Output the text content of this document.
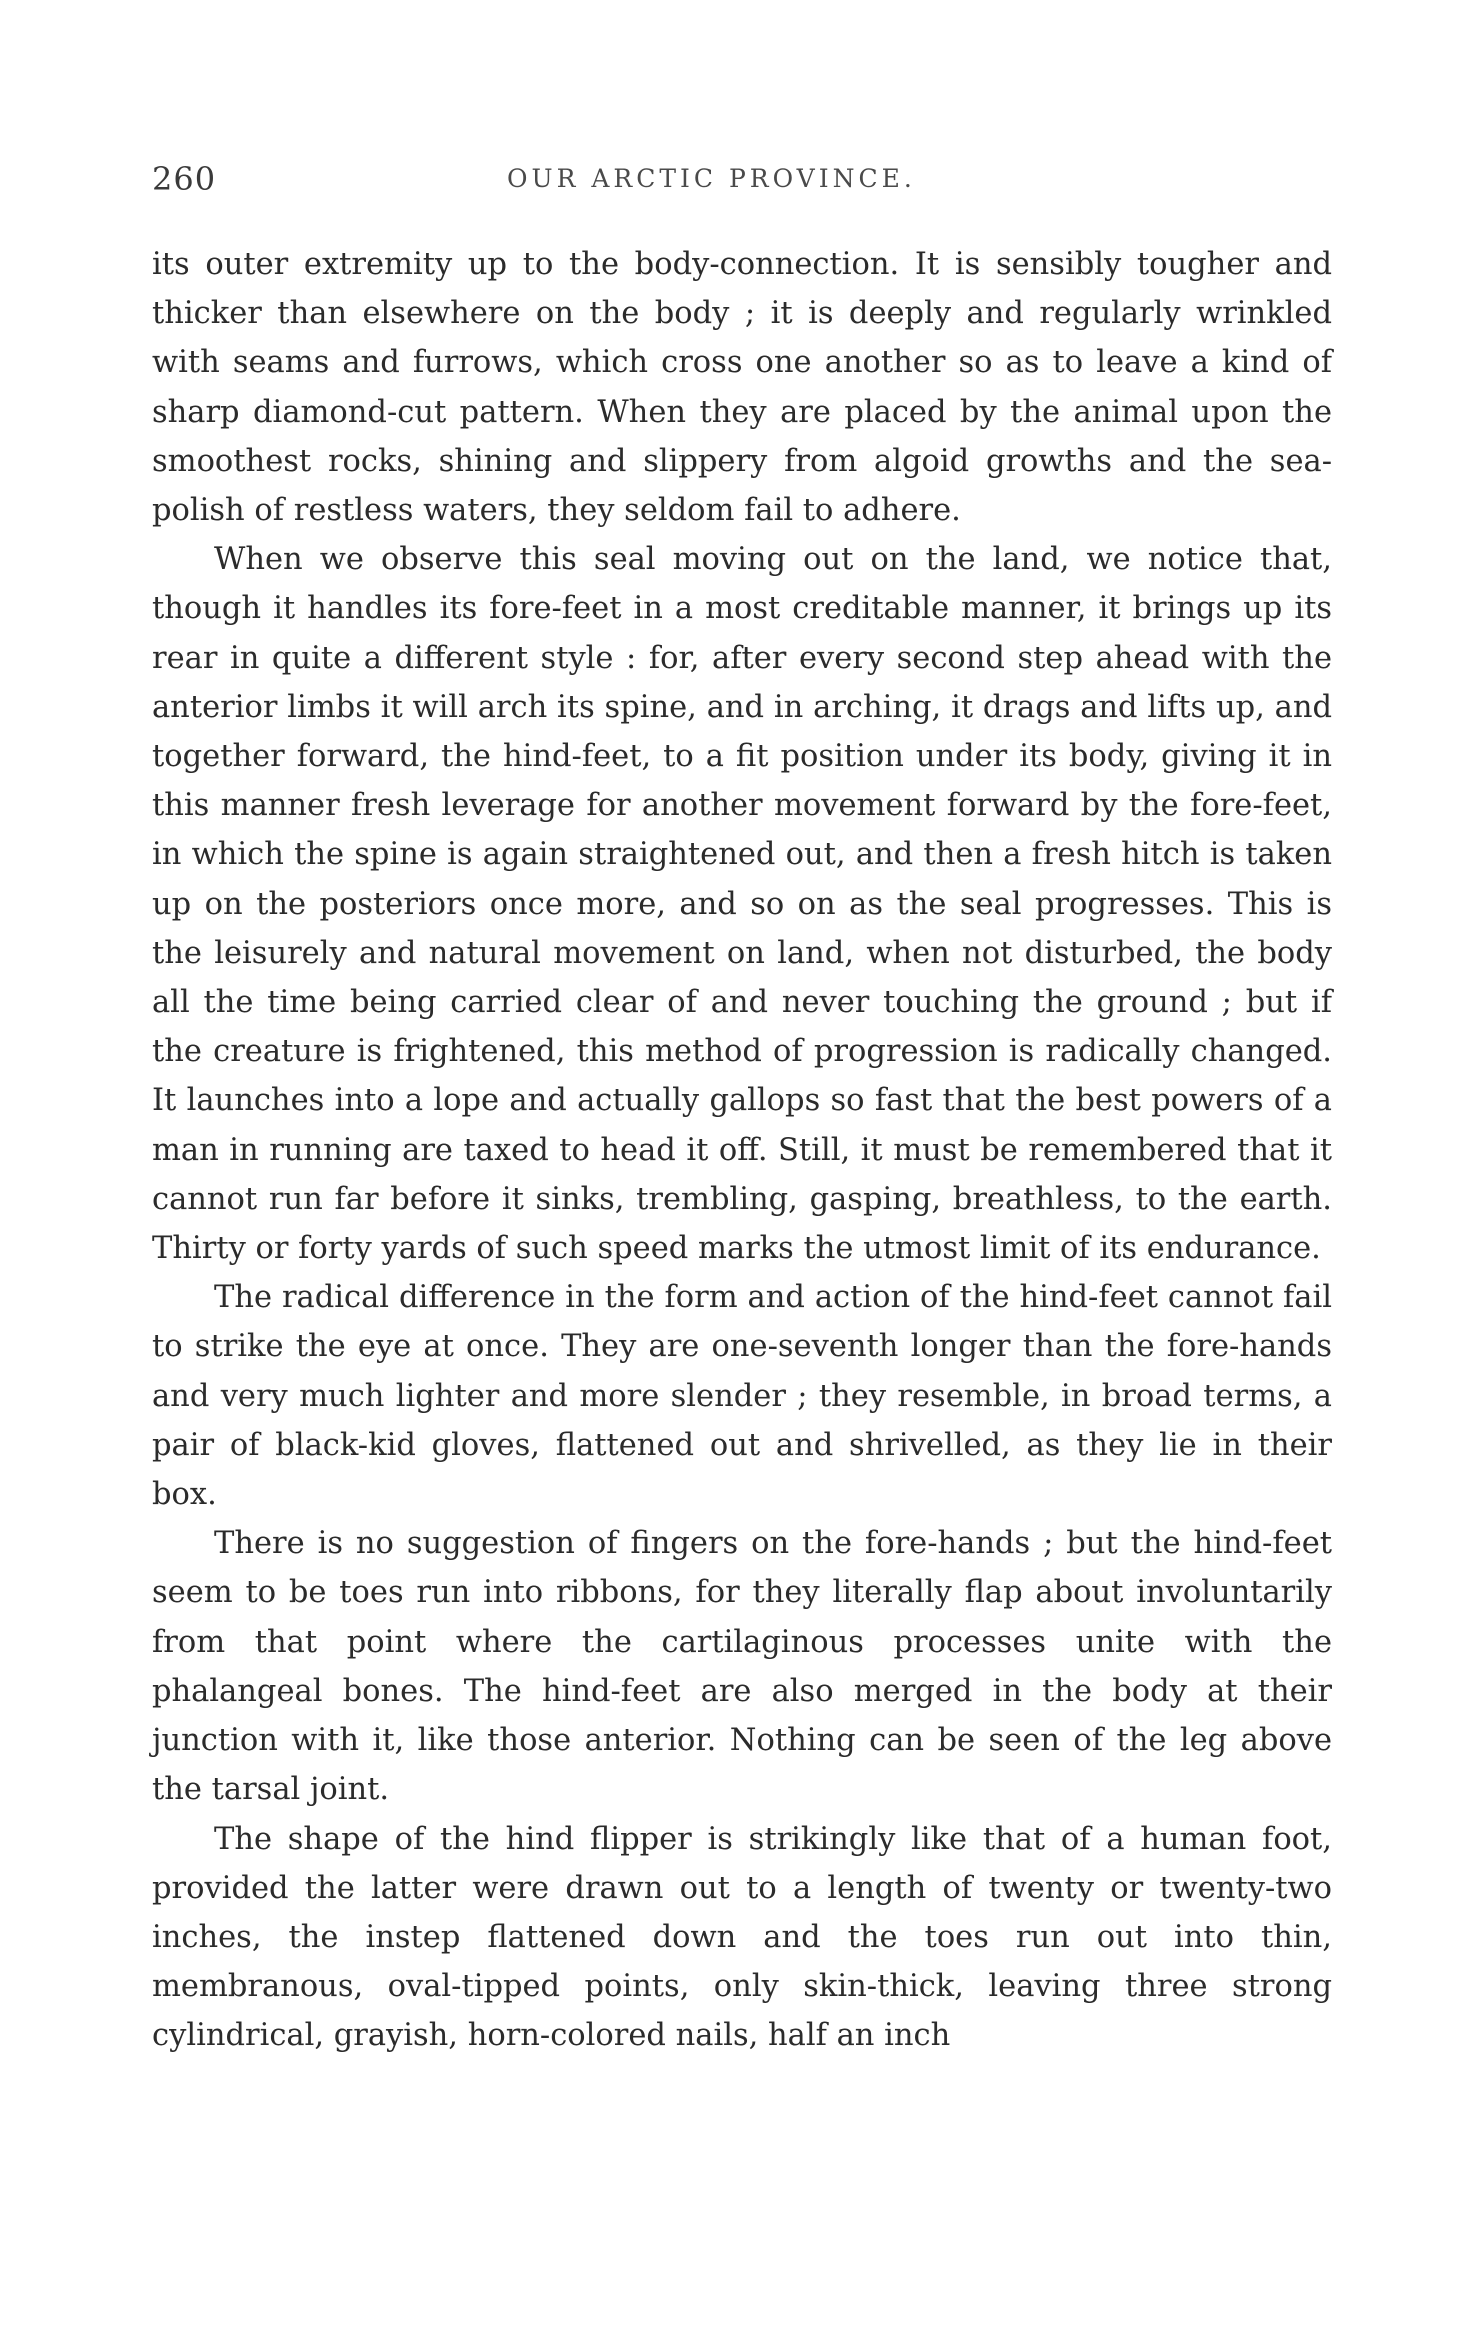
260	OUR ARCTIC PROVINCE.

its outer extremity up to the body-connection. It is sensibly tougher and thicker than elsewhere on the body ; it is deeply and regularly wrinkled with seams and furrows, which cross one another so as to leave a kind of sharp diamond-cut pattern. When they are placed by the animal upon the smoothest rocks, shining and slippery from algoid growths and the sea-polish of restless waters, they seldom fail to adhere.

When we observe this seal moving out on the land, we notice that, though it handles its fore-feet in a most creditable manner, it brings up its rear in quite a different style : for, after every second step ahead with the anterior limbs it will arch its spine, and in arching, it drags and lifts up, and together forward, the hind-feet, to a fit position under its body, giving it in this manner fresh leverage for another movement forward by the fore-feet, in which the spine is again straightened out, and then a fresh hitch is taken up on the posteriors once more, and so on as the seal progresses. This is the leisurely and natural movement on land, when not disturbed, the body all the time being carried clear of and never touching the ground ; but if the creature is frightened, this method of progression is radically changed. It launches into a lope and actually gallops so fast that the best powers of a man in running are taxed to head it off. Still, it must be remembered that it cannot run far before it sinks, trembling, gasping, breathless, to the earth. Thirty or forty yards of such speed marks the utmost limit of its endurance.

The radical difference in the form and action of the hind-feet cannot fail to strike the eye at once. They are one-seventh longer than the fore-hands and very much lighter and more slender ; they resemble, in broad terms, a pair of black-kid gloves, flattened out and shrivelled, as they lie in their box.

There is no suggestion of fingers on the fore-hands ; but the hind-feet seem to be toes run into ribbons, for they literally flap about involuntarily from that point where the cartilaginous processes unite with the phalangeal bones. The hind-feet are also merged in the body at their junction with it, like those anterior. Nothing can be seen of the leg above the tarsal joint.

The shape of the hind flipper is strikingly like that of a human foot, provided the latter were drawn out to a length of twenty or twenty-two inches, the instep flattened down and the toes run out into thin, membranous, oval-tipped points, only skin-thick, leaving three strong cylindrical, grayish, horn-colored nails, half an inch
